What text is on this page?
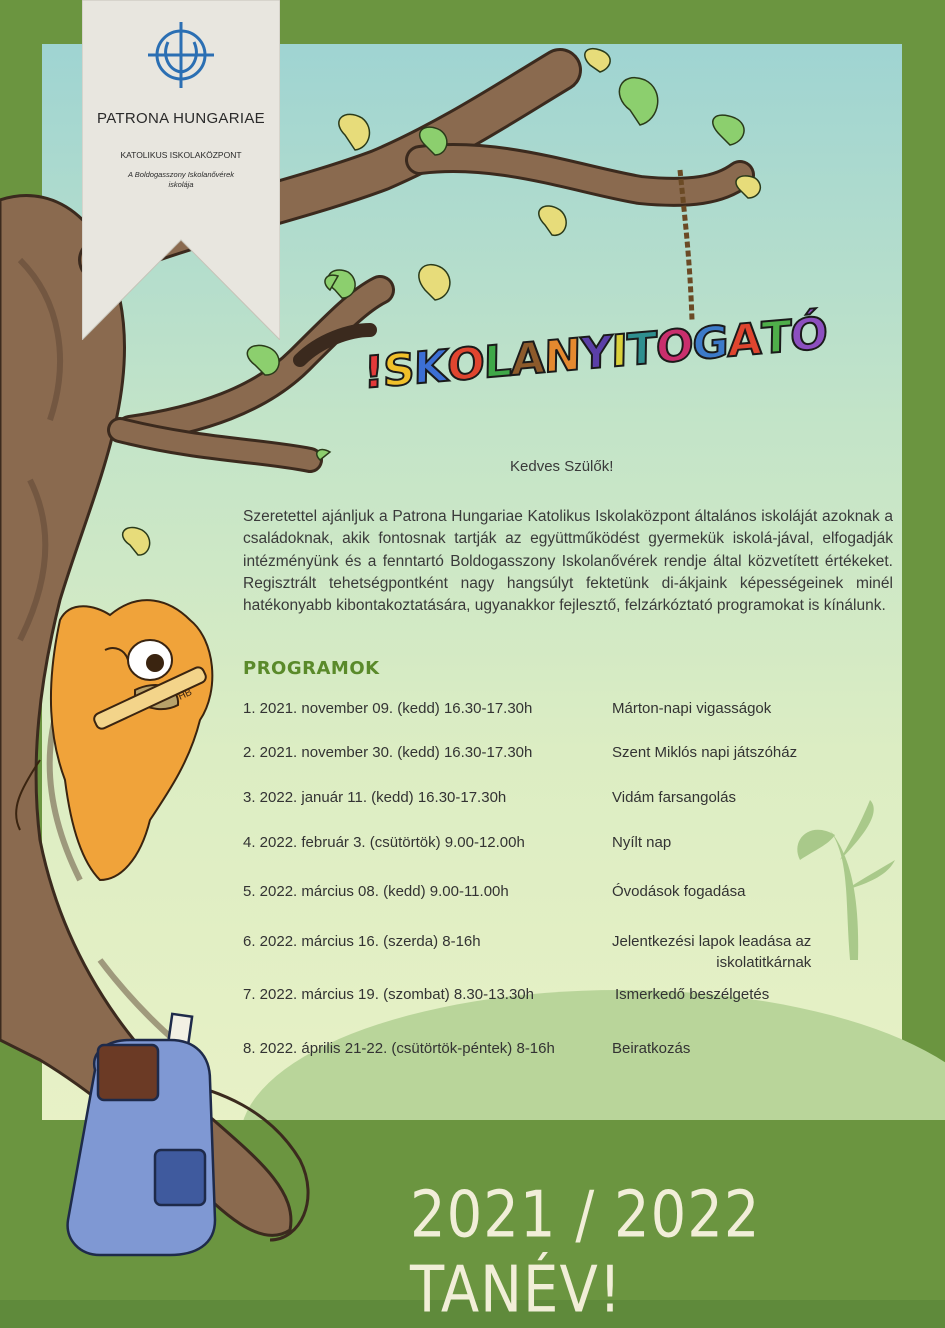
HB
PATRONA HUNGARIAE
KATOLIKUS ISKOLAKÖZPONT
A Boldogasszony Iskolanővérek iskolája
!SKOLANYITOGATÓ
Kedves Szülők!

Szeretettel ajánljuk a Patrona Hungariae Katolikus Iskolaközpont általános iskoláját azoknak a családoknak, akik fontosnak tartják az együttműködést gyermekük iskolá-jával, elfogadják intézményünk és a fenntartó Boldogasszony Iskolanővérek rendje által közvetített értékeket. Regisztrált tehetségpontként nagy hangsúlyt fektetünk di-ákjaink képességeinek minél hatékonyabb kibontakoztatására, ugyanakkor fejlesztő, felzárkóztató programokat is kínálunk.

PROGRAMOK
1. 2021. november 09. (kedd) 16.30-17.30h	Márton-napi vigasságok
2. 2021. november 30. (kedd) 16.30-17.30h	Szent Miklós napi játszóház
3. 2022. január 11. (kedd) 16.30-17.30h	Vidám farsangolás
4. 2022. február 3. (csütörtök) 9.00-12.00h	Nyílt nap
5. 2022. március 08. (kedd) 9.00-11.00h	Óvodások fogadása
6. 2022. március 16. (szerda) 8-16h	Jelentkezési lapok leadása az
iskolatitkárnak
7. 2022. március 19. (szombat) 8.30-13.30h	Ismerkedő beszélgetés
8. 2022. április 21-22. (csütörtök-péntek) 8-16h	Beiratkozás
2021 / 2022 TANÉV!
